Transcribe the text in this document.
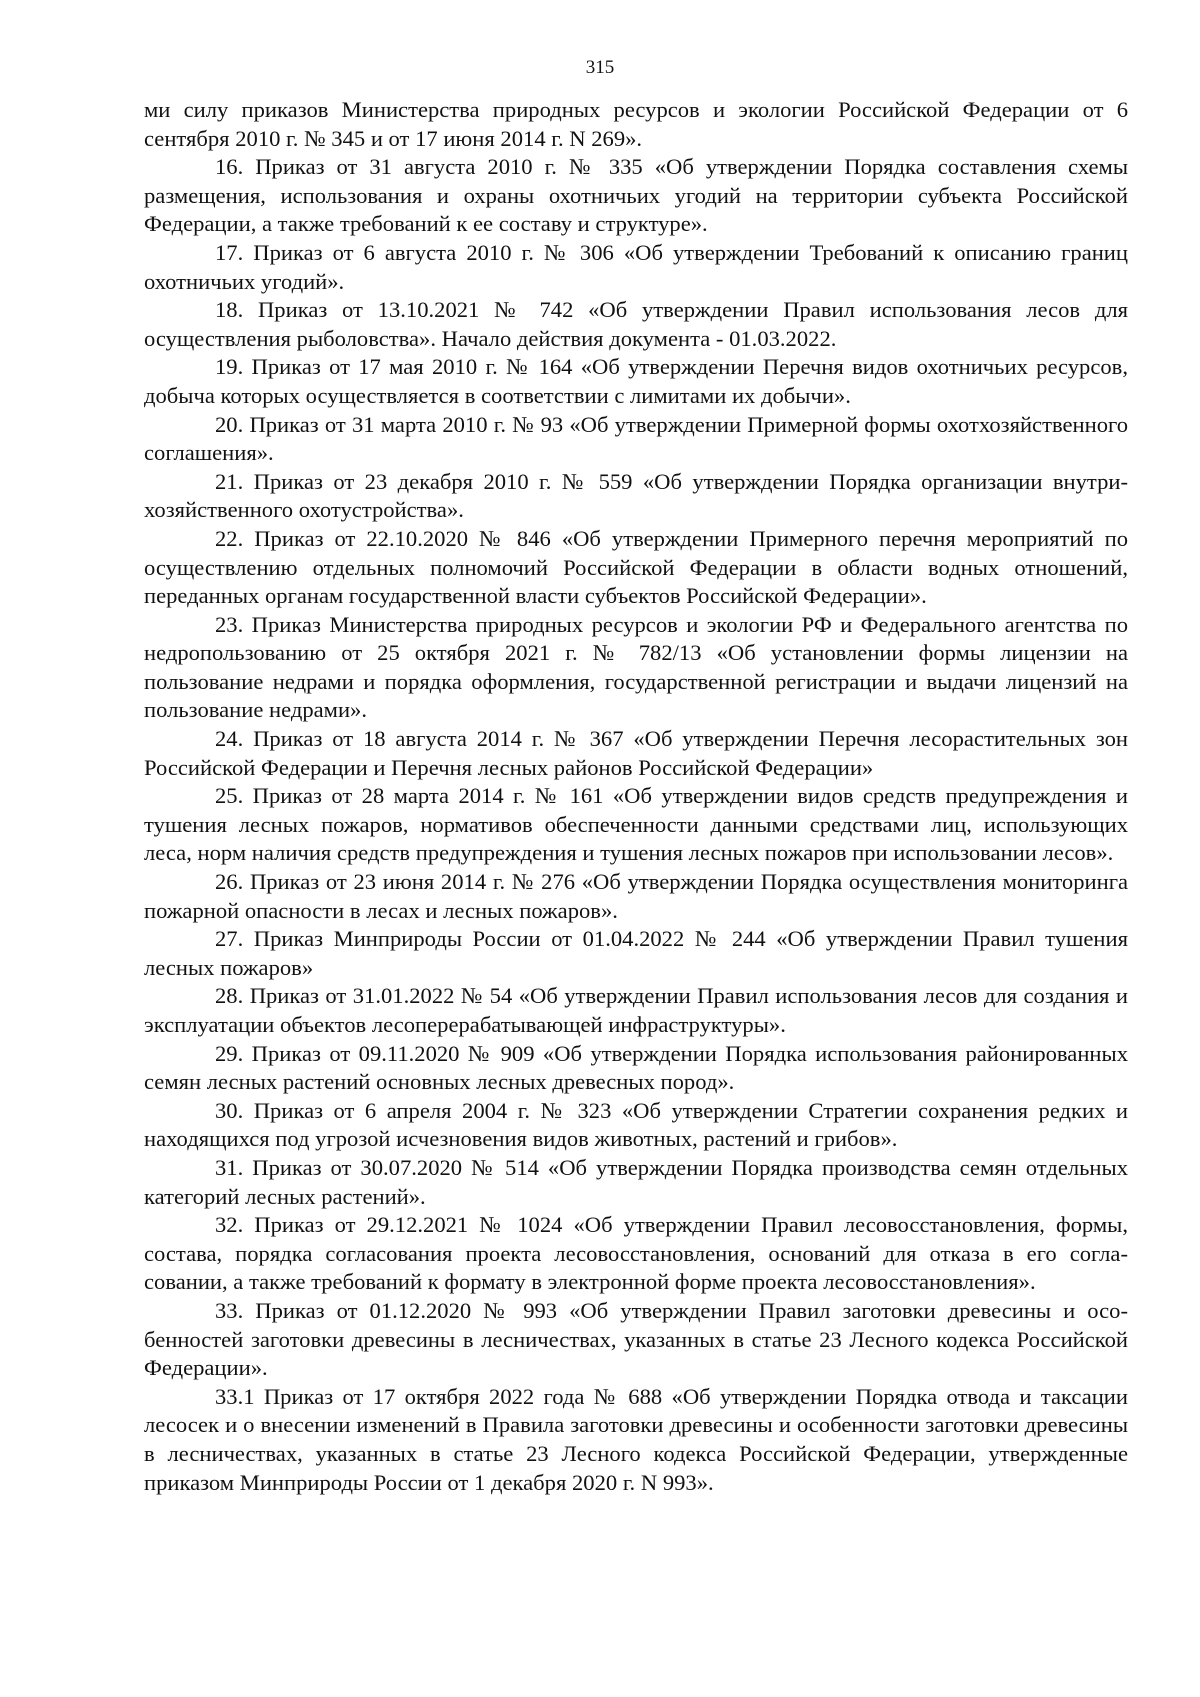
315

ми силу приказов Министерства природных ресурсов и экологии Российской Федерации от 6 сентября 2010 г. № 345 и от 17 июня 2014 г. N 269».

16. Приказ от 31 августа 2010 г. № 335 «Об утверждении Порядка составления схемы размещения, использования и охраны охотничьих угодий на территории субъекта Российской Федерации, а также требований к ее составу и структуре».

17. Приказ от 6 августа 2010 г. № 306 «Об утверждении Требований к описанию границ охотничьих угодий».

18. Приказ от 13.10.2021 № 742 «Об утверждении Правил использования лесов для осуществления рыболовства». Начало действия документа - 01.03.2022.

19. Приказ от 17 мая 2010 г. № 164 «Об утверждении Перечня видов охотничьих ресурсов, добыча которых осуществляется в соответствии с лимитами их добычи».

20. Приказ от 31 марта 2010 г. № 93 «Об утверждении Примерной формы охотхозяйственного соглашения».

21. Приказ от 23 декабря 2010 г. № 559 «Об утверждении Порядка организации внутрихозяйственного охотустройства».

22. Приказ от 22.10.2020 № 846 «Об утверждении Примерного перечня мероприятий по осуществлению отдельных полномочий Российской Федерации в области водных отношений, переданных органам государственной власти субъектов Российской Федерации».

23. Приказ Министерства природных ресурсов и экологии РФ и Федерального агентства по недропользованию от 25 октября 2021 г. № 782/13 «Об установлении формы лицензии на пользование недрами и порядка оформления, государственной регистрации и выдачи лицензий на пользование недрами».

24. Приказ от 18 августа 2014 г. № 367 «Об утверждении Перечня лесорастительных зон Российской Федерации и Перечня лесных районов Российской Федерации»

25. Приказ от 28 марта 2014 г. № 161 «Об утверждении видов средств предупреждения и тушения лесных пожаров, нормативов обеспеченности данными средствами лиц, использующих леса, норм наличия средств предупреждения и тушения лесных пожаров при использовании лесов».

26. Приказ от 23 июня 2014 г. № 276 «Об утверждении Порядка осуществления мониторинга пожарной опасности в лесах и лесных пожаров».

27. Приказ Минприроды России от 01.04.2022 № 244 «Об утверждении Правил тушения лесных пожаров»

28. Приказ от 31.01.2022 № 54 «Об утверждении Правил использования лесов для создания и эксплуатации объектов лесоперерабатывающей инфраструктуры».

29. Приказ от 09.11.2020 № 909 «Об утверждении Порядка использования районированных семян лесных растений основных лесных древесных пород».

30. Приказ от 6 апреля 2004 г. № 323 «Об утверждении Стратегии сохранения редких и находящихся под угрозой исчезновения видов животных, растений и грибов».

31. Приказ от 30.07.2020 № 514 «Об утверждении Порядка производства семян отдельных категорий лесных растений».

32. Приказ от 29.12.2021 № 1024 «Об утверждении Правил лесовосстановления, формы, состава, порядка согласования проекта лесовосстановления, оснований для отказа в его согласовании, а также требований к формату в электронной форме проекта лесовосстановления».

33. Приказ от 01.12.2020 № 993 «Об утверждении Правил заготовки древесины и особенностей заготовки древесины в лесничествах, указанных в статье 23 Лесного кодекса Российской Федерации».

33.1 Приказ от 17 октября 2022 года № 688 «Об утверждении Порядка отвода и таксации лесосек и о внесении изменений в Правила заготовки древесины и особенности заготовки древесины в лесничествах, указанных в статье 23 Лесного кодекса Российской Федерации, утвержденные приказом Минприроды России от 1 декабря 2020 г. N 993».
